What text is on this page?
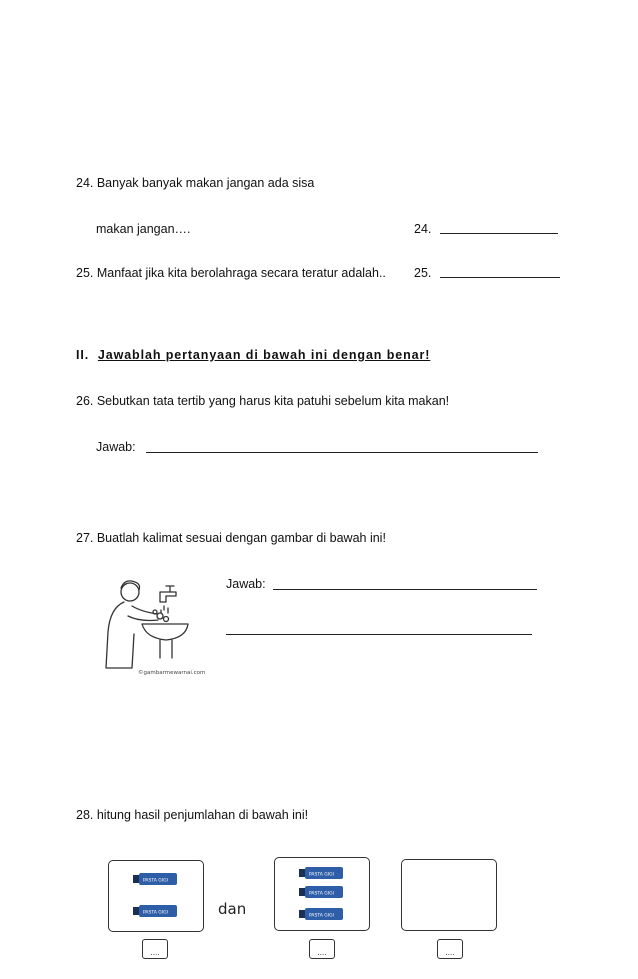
24. Banyak banyak makan jangan ada sisa
makan jangan….	24.
25. Manfaat jika kita berolahraga secara teratur adalah.. 25.
II. Jawablah pertanyaan di bawah ini dengan benar!
26. Sebutkan tata tertib yang harus kita patuhi sebelum kita makan!
Jawab:
27. Buatlah kalimat sesuai dengan gambar di bawah ini!
Jawab:
©gambarmewarnai.com
28. hitung hasil penjumlahan di bawah ini!
PASTA GIGI
PASTA GIGI	dan
PASTA GIGI
PASTA GIGI
PASTA GIGI
....	....	....
